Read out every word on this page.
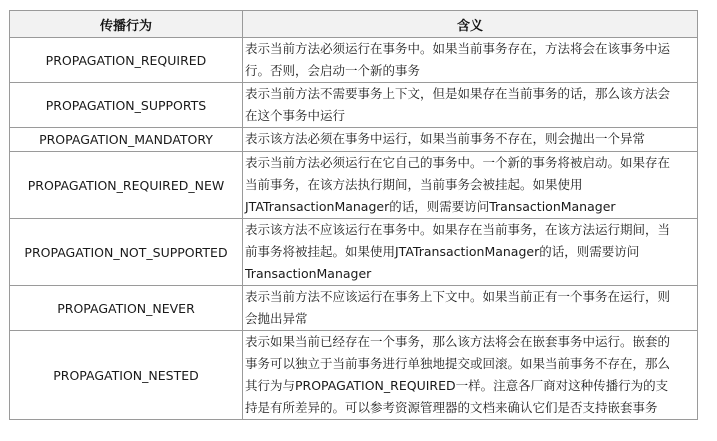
传播行为	含义
PROPAGATION_REQUIRED	表示当前方法必须运行在事务中。如果当前事务存在，方法将会在该事务中运
行。否则，会启动一个新的事务

PROPAGATION_SUPPORTS	表示当前方法不需要事务上下文，但是如果存在当前事务的话，那么该方法会
在这个事务中运行

PROPAGATION_MANDATORY	表示该方法必须在事务中运行，如果当前事务不存在，则会抛出一个异常

PROPAGATION_REQUIRED_NEW	表示当前方法必须运行在它自己的事务中。一个新的事务将被启动。如果存在
当前事务，在该方法执行期间，当前事务会被挂起。如果使用
JTATransactionManager的话，则需要访问TransactionManager

PROPAGATION_NOT_SUPPORTED	表示该方法不应该运行在事务中。如果存在当前事务，在该方法运行期间，当
前事务将被挂起。如果使用JTATransactionManager的话，则需要访问
TransactionManager

PROPAGATION_NEVER	表示当前方法不应该运行在事务上下文中。如果当前正有一个事务在运行，则
会抛出异常

PROPAGATION_NESTED	表示如果当前已经存在一个事务，那么该方法将会在嵌套事务中运行。嵌套的
事务可以独立于当前事务进行单独地提交或回滚。如果当前事务不存在，那么
其行为与PROPAGATION_REQUIRED一样。注意各厂商对这种传播行为的支
持是有所差异的。可以参考资源管理器的文档来确认它们是否支持嵌套事务
